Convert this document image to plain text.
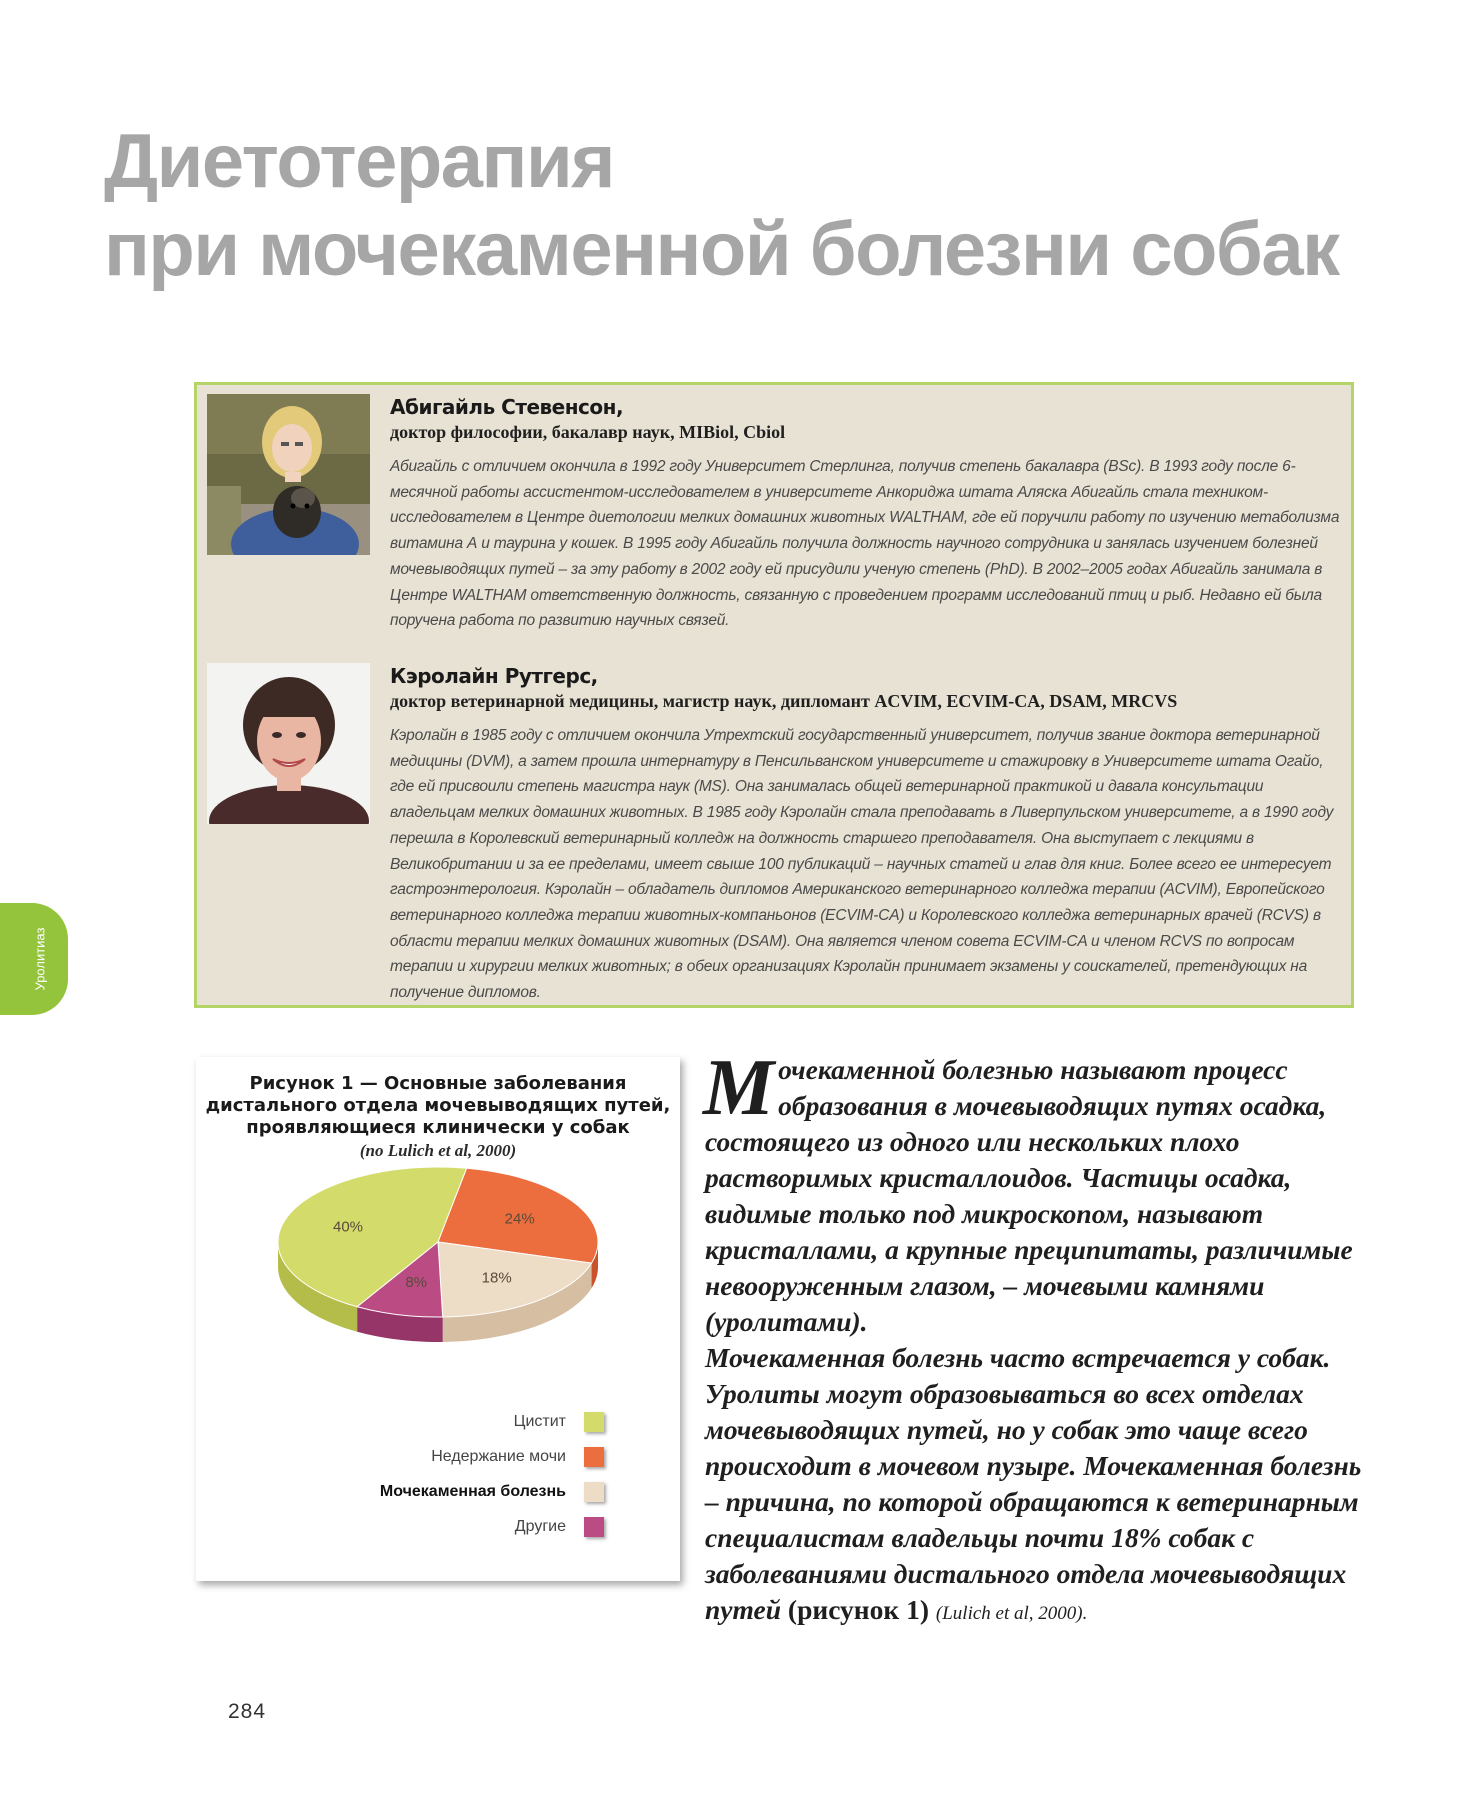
Диетотерапия
при мочекаменной болезни собак
Уролитиаз
Абигайль Стевенсон,
доктор философии, бакалавр наук, MIBiol, Cbiol

Абигайль с отличием окончила в 1992 году Университет Стерлинга, получив степень бакалавра (BSc). В 1993 году после 6-месячной работы ассистентом-исследователем в университете Анкориджа штата Аляска Абигайль стала техником-исследователем в Центре диетологии мелких домашних животных WALTHAM, где ей поручили работу по изучению метаболизма витамина А и таурина у кошек. В 1995 году Абигайль получила должность научного сотрудника и занялась изучением болезней мочевыводящих путей – за эту работу в 2002 году ей присудили ученую степень (PhD). В 2002–2005 годах Абигайль занимала в Центре WALTHAM ответственную должность, связанную с проведением программ исследований птиц и рыб. Недавно ей была поручена работа по развитию научных связей.

Кэролайн Рутгерс,
доктор ветеринарной медицины, магистр наук, дипломант ACVIM, ECVIM-CA, DSAM, MRCVS

Кэролайн в 1985 году с отличием окончила Утрехтский государственный университет, получив звание доктора ветеринарной медицины (DVM), а затем прошла интернатуру в Пенсильванском университете и стажировку в Университете штата Огайо, где ей присвоили степень магистра наук (MS). Она занималась общей ветеринарной практикой и давала консультации владельцам мелких домашних животных. В 1985 году Кэролайн стала преподавать в Ливерпульском университете, а в 1990 году перешла в Королевский ветеринарный колледж на должность старшего преподавателя. Она выступает с лекциями в Великобритании и за ее пределами, имеет свыше 100 публикаций – научных статей и глав для книг. Более всего ее интересует гастроэнтерология. Кэролайн – обладатель дипломов Американского ветеринарного колледжа терапии (ACVIM), Европейского ветеринарного колледжа терапии животных-компаньонов (ECVIM-CA) и Королевского колледжа ветеринарных врачей (RCVS) в области терапии мелких домашних животных (DSAM). Она является членом совета ECVIM-CA и членом RCVS по вопросам терапии и хирургии мелких животных; в обеих организациях Кэролайн принимает экзамены у соискателей, претендующих на получение дипломов.

Рисунок 1 — Основные заболевания
дистального отдела мочевыводящих путей,
проявляющиеся клинически у собак
(по Lulich et al, 2000)
40%	24%
18%
8%
Цистит
Недержание мочи
Мочекаменная болезнь
Другие

Мочекаменной болезнью называют процесс образования в мочевыводящих путях осадка, состоящего из одного или нескольких плохо растворимых кристаллоидов. Частицы осадка, видимые только под микроскопом, называют кристаллами, а крупные преципитаты, различимые невооруженным глазом, – мочевыми камнями (уролитами).
Мочекаменная болезнь часто встречается у собак. Уролиты могут образовываться во всех отделах мочевыводящих путей, но у собак это чаще всего происходит в мочевом пузыре. Мочекаменная болезнь – причина, по которой обращаются к ветеринарным специалистам владельцы почти 18% собак с заболеваниями дистального отдела мочевыводящих путей (рисунок 1) (Lulich et al, 2000).

284
